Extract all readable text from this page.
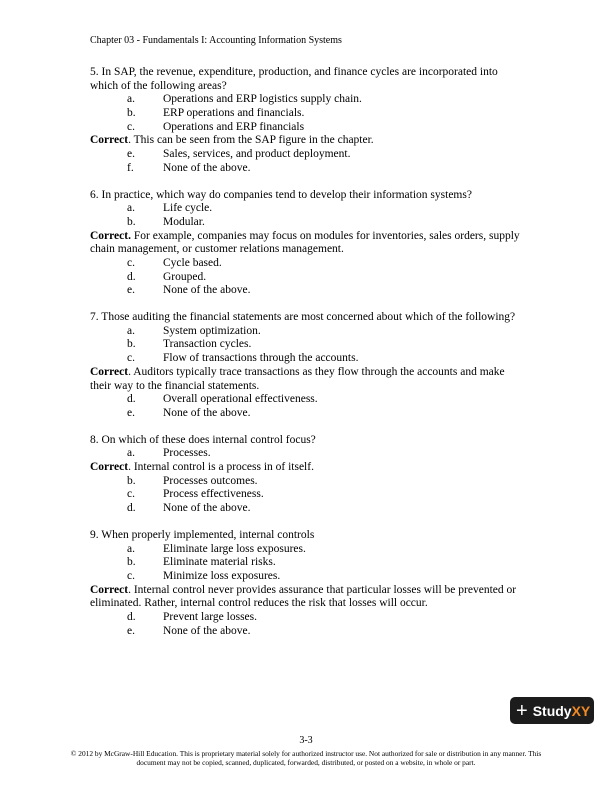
Chapter 03 - Fundamentals I: Accounting Information Systems

5. In SAP, the revenue, expenditure, production, and finance cycles are incorporated into which of the following areas?

a.	Operations and ERP logistics supply chain.
b.	ERP operations and financials.
c.	Operations and ERP financials

Correct. This can be seen from the SAP figure in the chapter.

e.	Sales, services, and product deployment.
f.	None of the above.

6. In practice, which way do companies tend to develop their information systems?

a.	Life cycle.
b.	Modular.

Correct. For example, companies may focus on modules for inventories, sales orders, supply chain management, or customer relations management.

c.	Cycle based.
d.	Grouped.
e.	None of the above.

7. Those auditing the financial statements are most concerned about which of the following?

a.	System optimization.
b.	Transaction cycles.
c.	Flow of transactions through the accounts.

Correct. Auditors typically trace transactions as they flow through the accounts and make their way to the financial statements.

d.	Overall operational effectiveness.
e.	None of the above.

8. On which of these does internal control focus?

a.	Processes.

Correct. Internal control is a process in of itself.

b.	Processes outcomes.
c.	Process effectiveness.
d.	None of the above.

9. When properly implemented, internal controls

a.	Eliminate large loss exposures.
b.	Eliminate material risks.
c.	Minimize loss exposures.

Correct. Internal control never provides assurance that particular losses will be prevented or eliminated. Rather, internal control reduces the risk that losses will occur.

d.	Prevent large losses.
e.	None of the above.
+ Study XY
3-3
© 2012 by McGraw-Hill Education. This is proprietary material solely for authorized instructor use. Not authorized for sale or distribution in any manner. This document may not be copied, scanned, duplicated, forwarded, distributed, or posted on a website, in whole or part.
